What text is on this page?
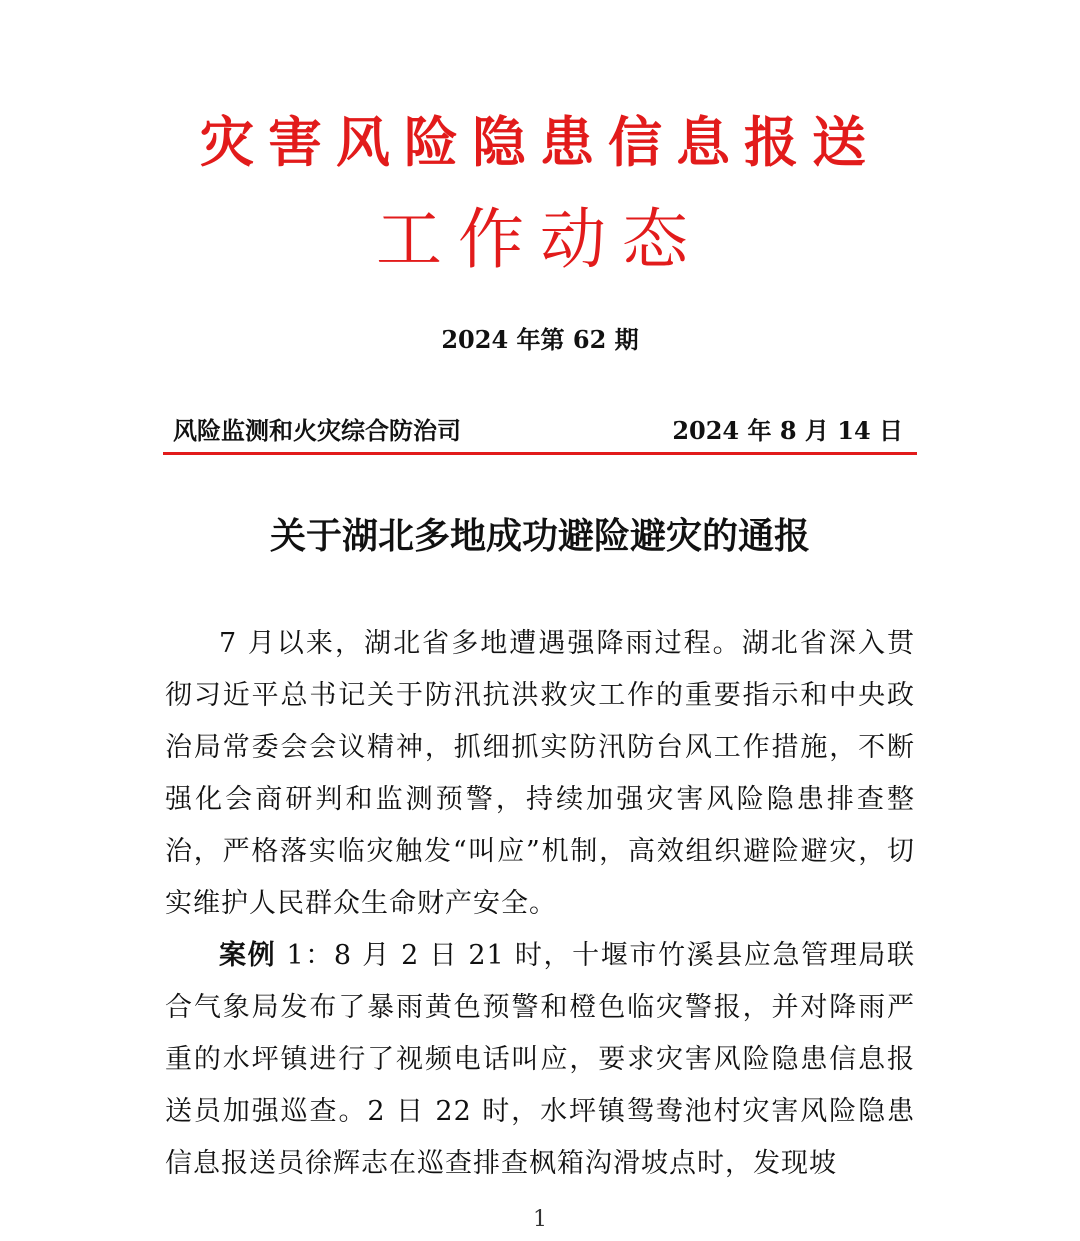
灾害风险隐患信息报送
工作动态
2024 年第 62 期
风险监测和火灾综合防治司	2024 年 8 月 14 日
关于湖北多地成功避险避灾的通报

7 月以来，湖北省多地遭遇强降雨过程。湖北省深入贯彻习近平总书记关于防汛抗洪救灾工作的重要指示和中央政治局常委会会议精神，抓细抓实防汛防台风工作措施，不断强化会商研判和监测预警，持续加强灾害风险隐患排查整治，严格落实临灾触发“叫应”机制，高效组织避险避灾，切实维护人民群众生命财产安全。

案例 1：8 月 2 日 21 时，十堰市竹溪县应急管理局联合气象局发布了暴雨黄色预警和橙色临灾警报，并对降雨严重的水坪镇进行了视频电话叫应，要求灾害风险隐患信息报送员加强巡查。2 日 22 时，水坪镇鸳鸯池村灾害风险隐患信息报送员徐辉志在巡查排查枫箱沟滑坡点时，发现坡

1
